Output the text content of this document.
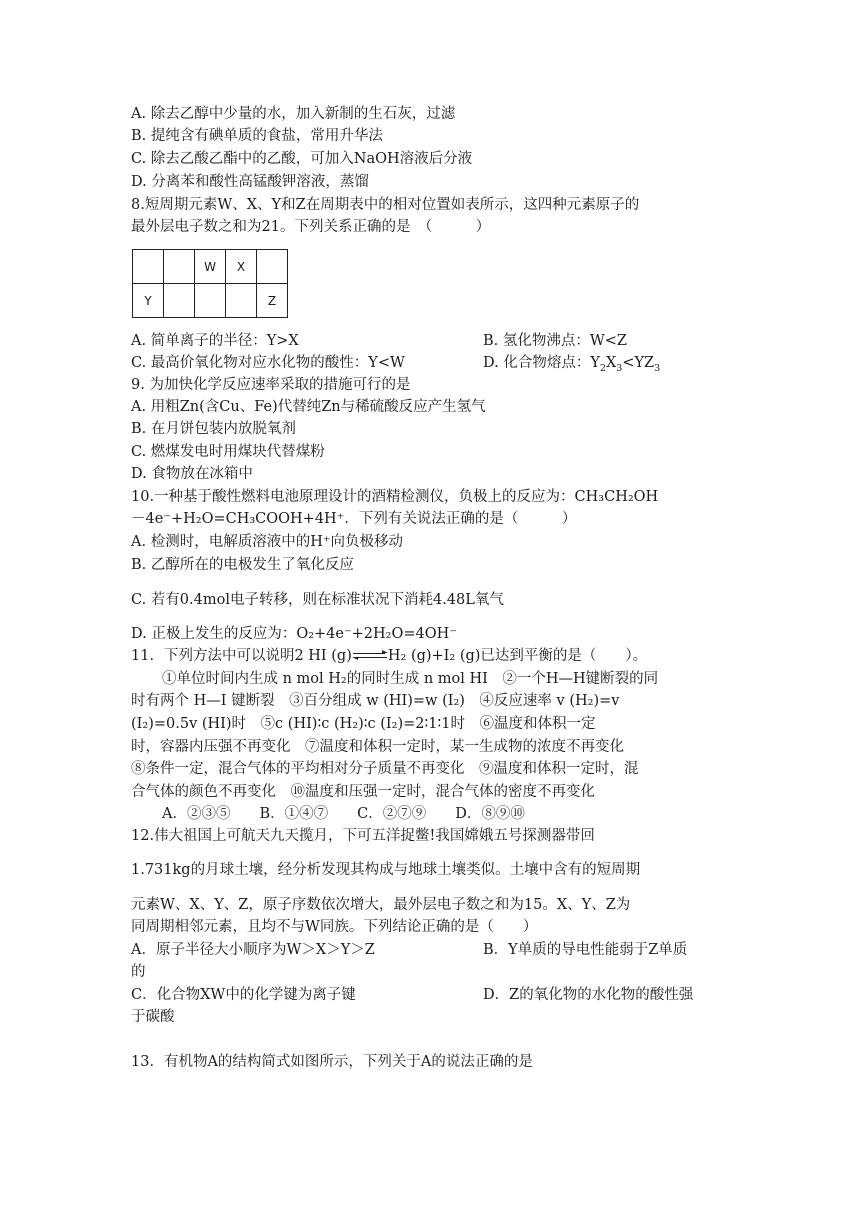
A. 除去乙醇中少量的水，加入新制的生石灰，过滤
B. 提纯含有碘单质的食盐，常用升华法
C. 除去乙酸乙酯中的乙酸，可加入NaOH溶液后分液
D. 分离苯和酸性高锰酸钾溶液，蒸馏
8.短周期元素W、X、Y和Z在周期表中的相对位置如表所示，这四种元素原子的
最外层电子数之和为21。下列关系正确的是　（　　　）
		W	X	
Y				Z
A. 简单离子的半径：Y>X	B. 氢化物沸点：W<Z
C. 最高价氧化物对应水化物的酸性：Y<W	D. 化合物熔点：$Y_2X_3<YZ_3$
9. 为加快化学反应速率采取的措施可行的是
A. 用粗Zn(含Cu、Fe)代替纯Zn与稀硫酸反应产生氢气
B. 在月饼包装内放脱氧剂
C. 燃煤发电时用煤块代替煤粉
D. 食物放在冰箱中
10.一种基于酸性燃料电池原理设计的酒精检测仪，负极上的反应为：CH₃CH₂OH
－4e⁻+H₂O=CH₃COOH+4H⁺．下列有关说法正确的是（　　　）
A. 检测时，电解质溶液中的H⁺向负极移动
B. 乙醇所在的电极发生了氧化反应
C. 若有0.4mol电子转移，则在标准状况下消耗4.48L氧气
D. 正极上发生的反应为：O₂+4e⁻+2H₂O=4OH⁻
11．下列方法中可以说明2 HI (g) H₂ (g)+I₂ (g)已达到平衡的是（　　）。
①单位时间内生成 n mol H₂的同时生成 n mol HI　②一个H—H键断裂的同
时有两个 H—I 键断裂　③百分组成 w (HI)=w (I₂)　④反应速率 v (H₂)=v
(I₂)=0.5v (HI)时　⑤c (HI)∶c (H₂)∶c (I₂)=2∶1∶1时　⑥温度和体积一定
时，容器内压强不再变化　⑦温度和体积一定时，某一生成物的浓度不再变化
⑧条件一定，混合气体的平均相对分子质量不再变化　⑨温度和体积一定时，混
合气体的颜色不再变化　⑩温度和压强一定时，混合气体的密度不再变化
A．②③⑤　　B．①④⑦　　C．②⑦⑨　　D．⑧⑨⑩
12.伟大祖国上可航天九天揽月，下可五洋捉鳖!我国嫦娥五号探测器带回
1.731kg的月球土壤，经分析发现其构成与地球土壤类似。土壤中含有的短周期
元素W、X、Y、Z，原子序数依次增大，最外层电子数之和为15。X、Y、Z为
同周期相邻元素，且均不与W同族。下列结论正确的是（　　）
A．原子半径大小顺序为W＞X＞Y＞Z	B．Y单质的导电性能弱于Z单质
的
C．化合物XW中的化学键为离子键	D．Z的氧化物的水化物的酸性强
于碳酸
13．有机物A的结构简式如图所示，下列关于A的说法正确的是
